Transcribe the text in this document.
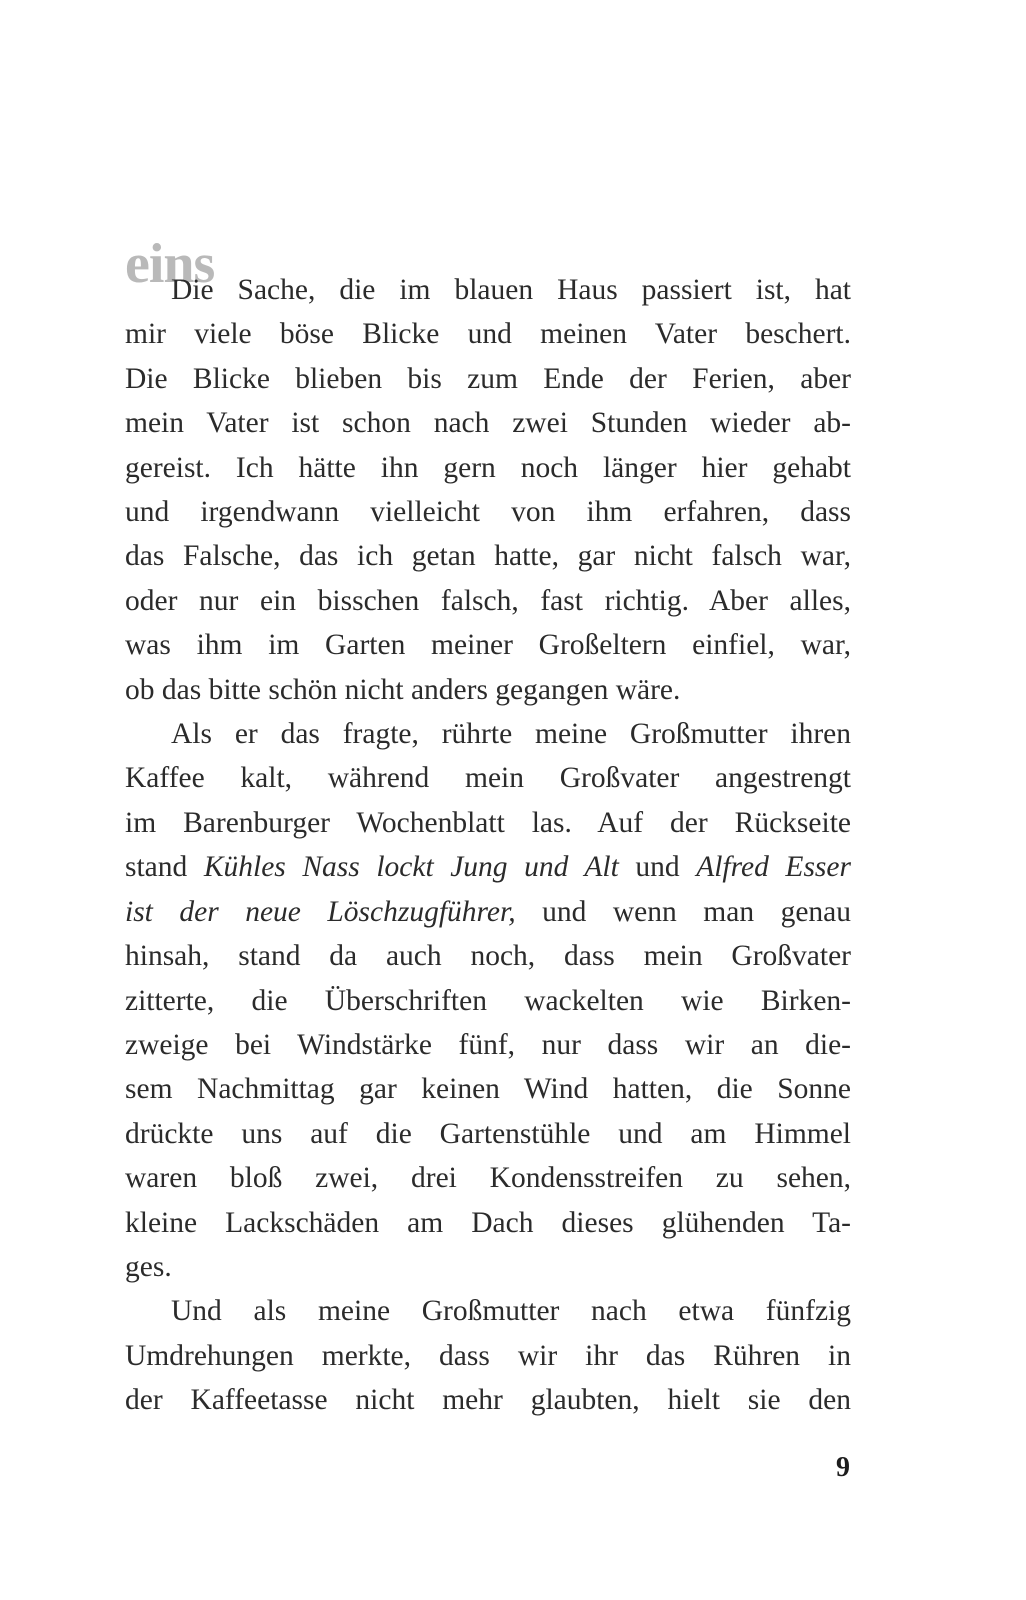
eins

Die Sache, die im blauen Haus passiert ist, hat
mir viele böse Blicke und meinen Vater beschert.
Die Blicke blieben bis zum Ende der Ferien, aber
mein Vater ist schon nach zwei Stunden wieder ab-
gereist. Ich hätte ihn gern noch länger hier gehabt
und irgendwann vielleicht von ihm erfahren, dass
das Falsche, das ich getan hatte, gar nicht falsch war,
oder nur ein bisschen falsch, fast richtig. Aber alles,
was ihm im Garten meiner Großeltern einfiel, war,
ob das bitte schön nicht anders gegangen wäre.

Als er das fragte, rührte meine Großmutter ihren
Kaffee kalt, während mein Großvater angestrengt
im Barenburger Wochenblatt las. Auf der Rückseite
stand Kühles Nass lockt Jung und Alt und Alfred Esser
ist der neue Löschzugführer, und wenn man genau
hinsah, stand da auch noch, dass mein Großvater
zitterte, die Überschriften wackelten wie Birken-
zweige bei Windstärke fünf, nur dass wir an die-
sem Nachmittag gar keinen Wind hatten, die Sonne
drückte uns auf die Gartenstühle und am Himmel
waren bloß zwei, drei Kondensstreifen zu sehen,
kleine Lackschäden am Dach dieses glühenden Ta-
ges.

Und als meine Großmutter nach etwa fünfzig
Umdrehungen merkte, dass wir ihr das Rühren in
der Kaffeetasse nicht mehr glaubten, hielt sie den

9
